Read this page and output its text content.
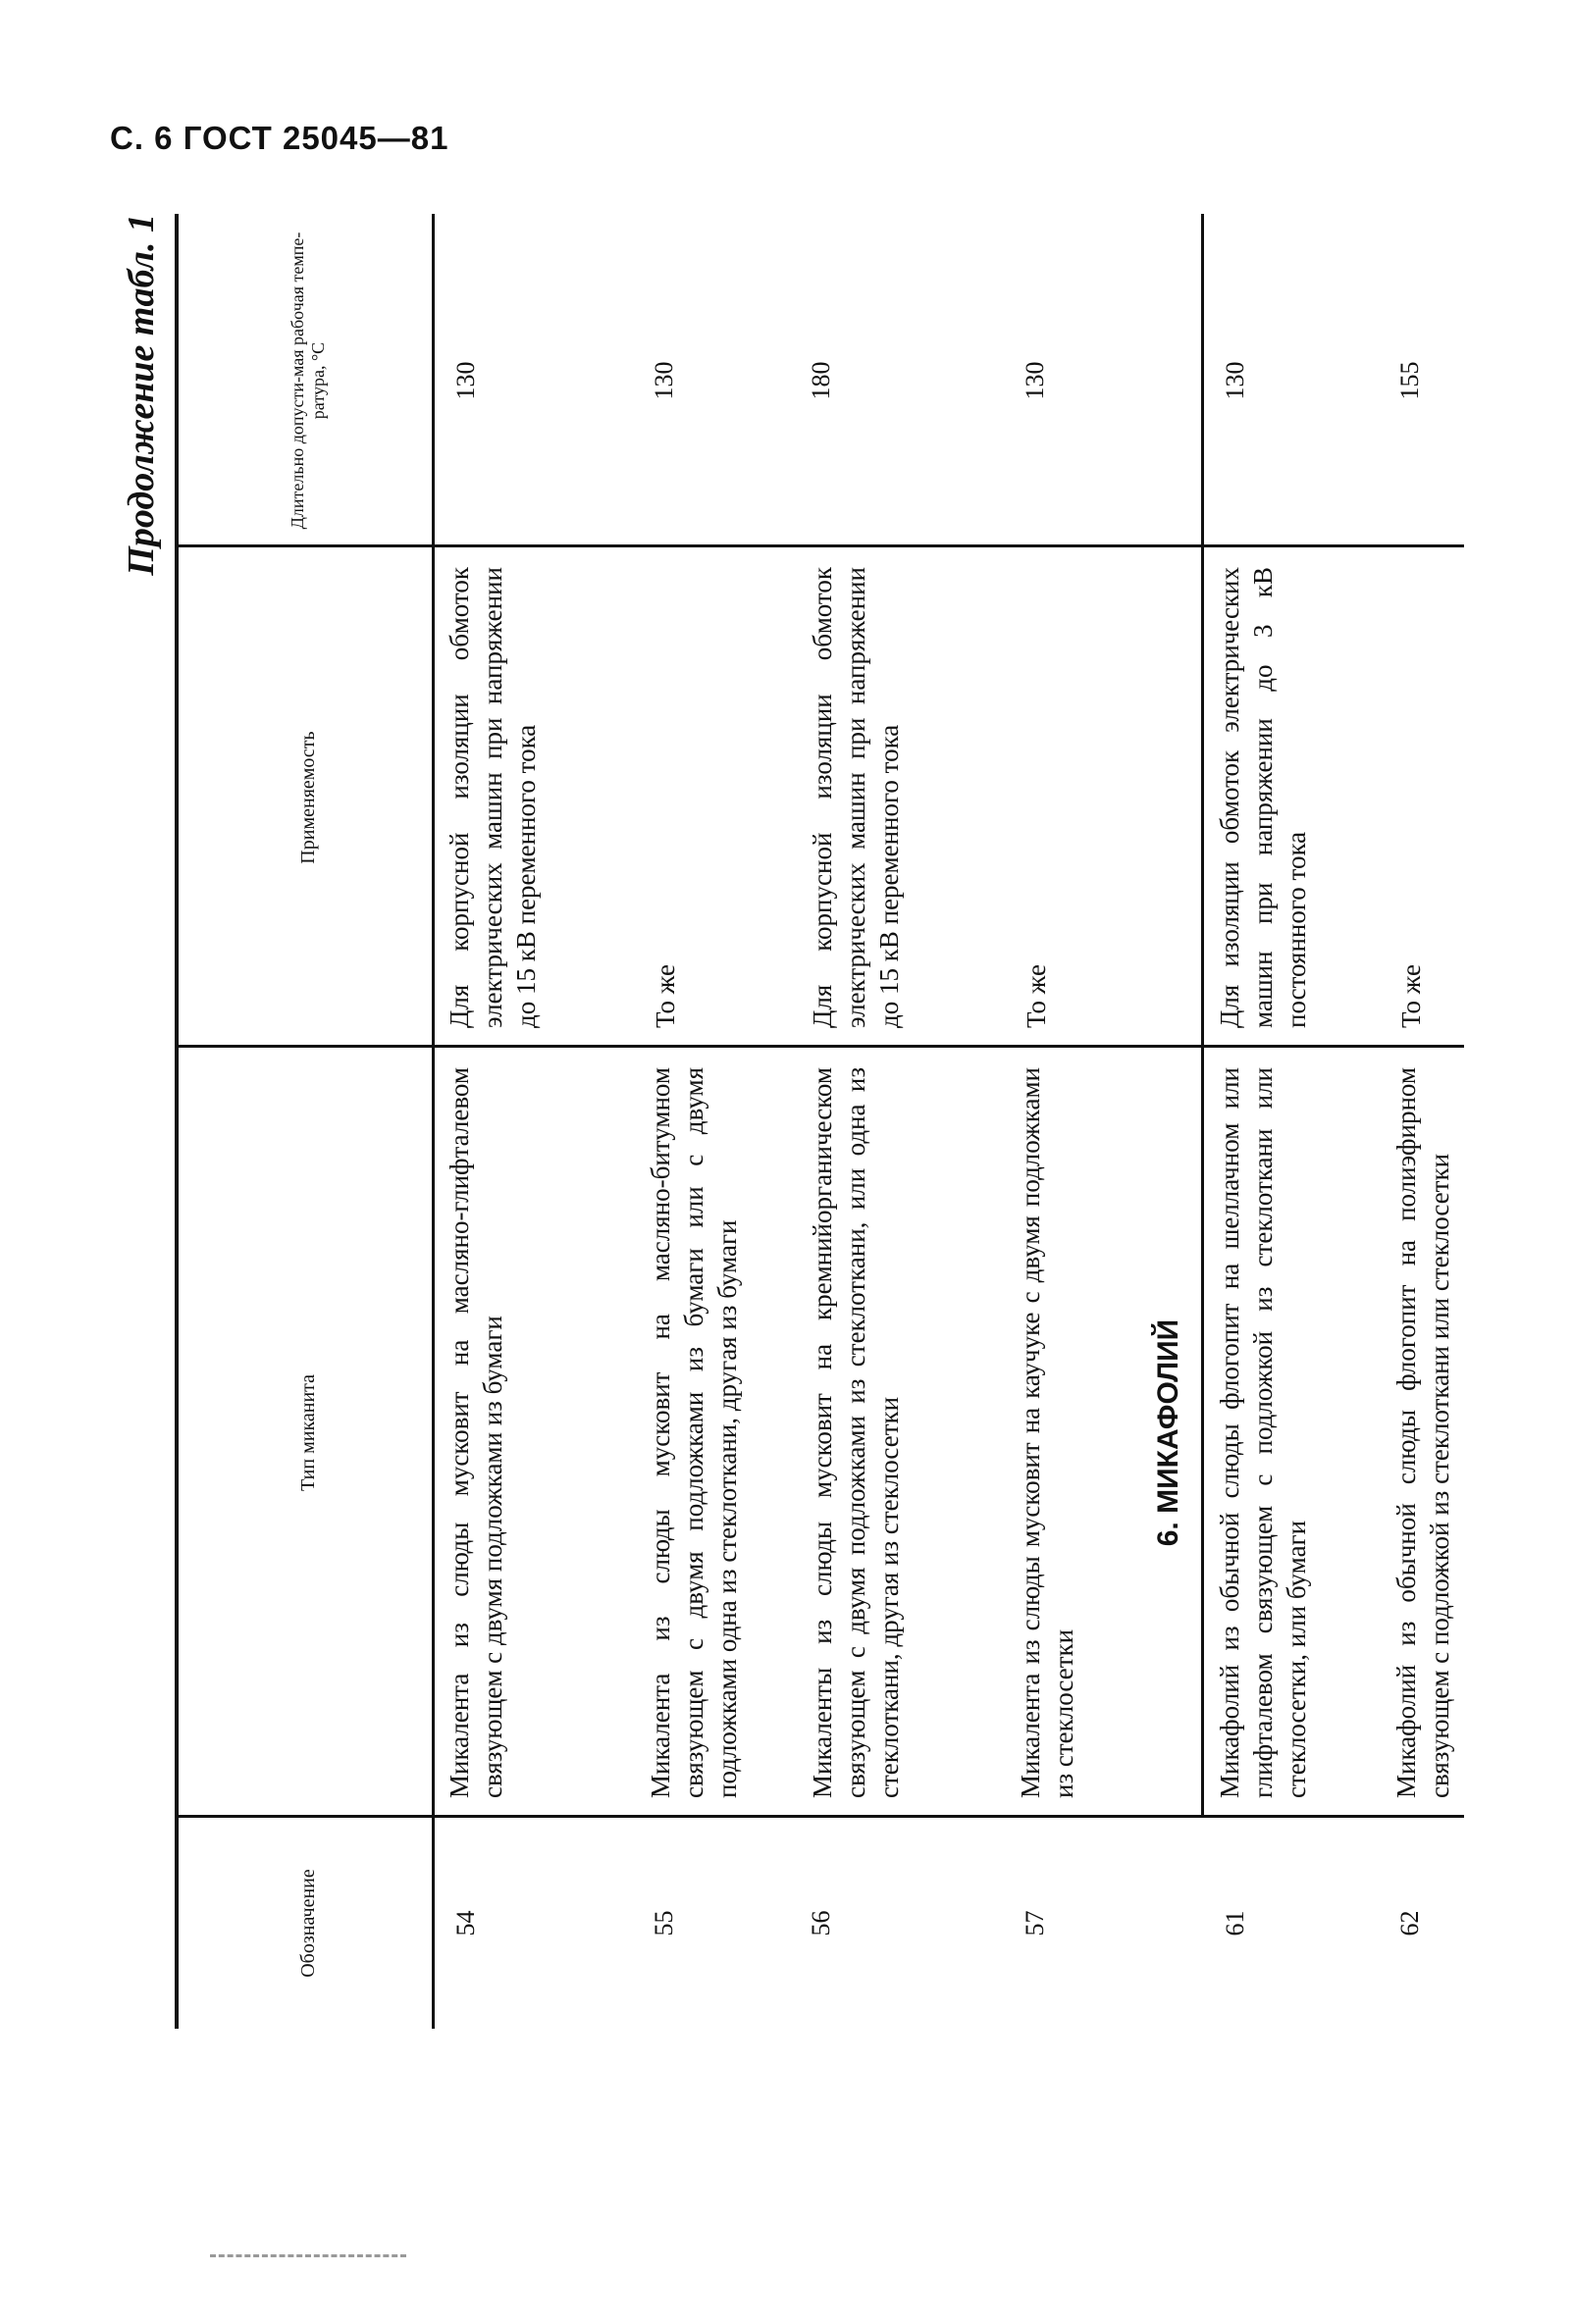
С. 6 ГОСТ 25045—81
Продолжение табл. 1
Обозначение
Тип миканита
Применяемость
Длительно допусти-мая рабочая темпе-ратура, °С
54
Микалента из слюды мусковит на масляно-глифталевом связующем с двумя подложками из бумаги
Для корпусной изоляции обмоток электрических машин при напряжении до 15 кВ переменного тока
130
55
Микалента из слюды мусковит на масляно-битумном связующем с двумя подложками из бумаги или с двумя подложками одна из стеклоткани, другая из бумаги
То же
130
56
Микаленты из слюды мусковит на кремнийорганическом связующем с двумя подложками из стеклоткани, или одна из стеклоткани, другая из стеклосетки
Для корпусной изоляции обмоток электрических машин при напряжении до 15 кВ переменного тока
180
57
Микалента из слюды мусковит на каучуке с двумя подложками из стеклосетки
То же
130
6. МИКАФОЛИЙ
61
Микафолий из обычной слюды флогопит на шеллачном или глифталевом связующем с подложкой из стеклоткани или стеклосетки, или бумаги
Для изоляции обмоток электрических машин при напряжении до 3 кВ постоянного тока
130
62
Микафолий из обычной слюды флогопит на полиэфирном связующем с подложкой из стеклоткани или стеклосетки
То же
155
